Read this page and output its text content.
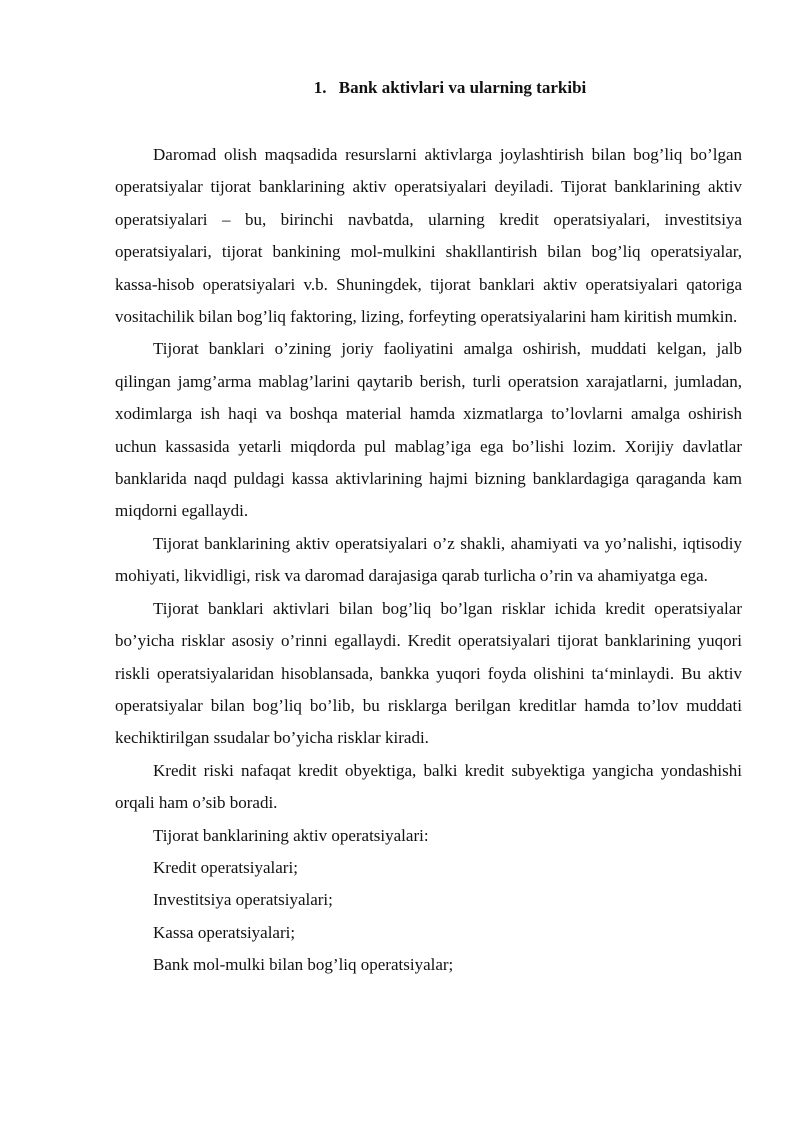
1. Bank aktivlari va ularning tarkibi

Daromad olish maqsadida resurslarni aktivlarga joylashtirish bilan bog’liq bo’lgan operatsiyalar tijorat banklarining aktiv operatsiyalari deyiladi. Tijorat banklarining aktiv operatsiyalari – bu, birinchi navbatda, ularning kredit operatsiyalari, investitsiya operatsiyalari, tijorat bankining mol-mulkini shakllantirish bilan bog’liq operatsiyalar, kassa-hisob operatsiyalari v.b. Shuningdek, tijorat banklari aktiv operatsiyalari qatoriga vositachilik bilan bog’liq faktoring, lizing, forfeyting operatsiyalarini ham kiritish mumkin.

Tijorat banklari o’zining joriy faoliyatini amalga oshirish, muddati kelgan, jalb qilingan jamg’arma mablag’larini qaytarib berish, turli operatsion xarajatlarni, jumladan, xodimlarga ish haqi va boshqa material hamda xizmatlarga to’lovlarni amalga oshirish uchun kassasida yetarli miqdorda pul mablag’iga ega bo’lishi lozim. Xorijiy davlatlar banklarida naqd puldagi kassa aktivlarining hajmi bizning banklardagiga qaraganda kam miqdorni egallaydi.

Tijorat banklarining aktiv operatsiyalari o’z shakli, ahamiyati va yo’nalishi, iqtisodiy mohiyati, likvidligi, risk va daromad darajasiga qarab turlicha o’rin va ahamiyatga ega.

Tijorat banklari aktivlari bilan bog’liq bo’lgan risklar ichida kredit operatsiyalar bo’yicha risklar asosiy o’rinni egallaydi. Kredit operatsiyalari tijorat banklarining yuqori riskli operatsiyalaridan hisoblansada, bankka yuqori foyda olishini ta‘minlaydi. Bu aktiv operatsiyalar bilan bog’liq bo’lib, bu risklarga berilgan kreditlar hamda to’lov muddati kechiktirilgan ssudalar bo’yicha risklar kiradi.

Kredit riski nafaqat kredit obyektiga, balki kredit subyektiga yangicha yondashishi orqali ham o’sib boradi.

Tijorat banklarining aktiv operatsiyalari:
Kredit operatsiyalari;
Investitsiya operatsiyalari;
Kassa operatsiyalari;
Bank mol-mulki bilan bog’liq operatsiyalar;
